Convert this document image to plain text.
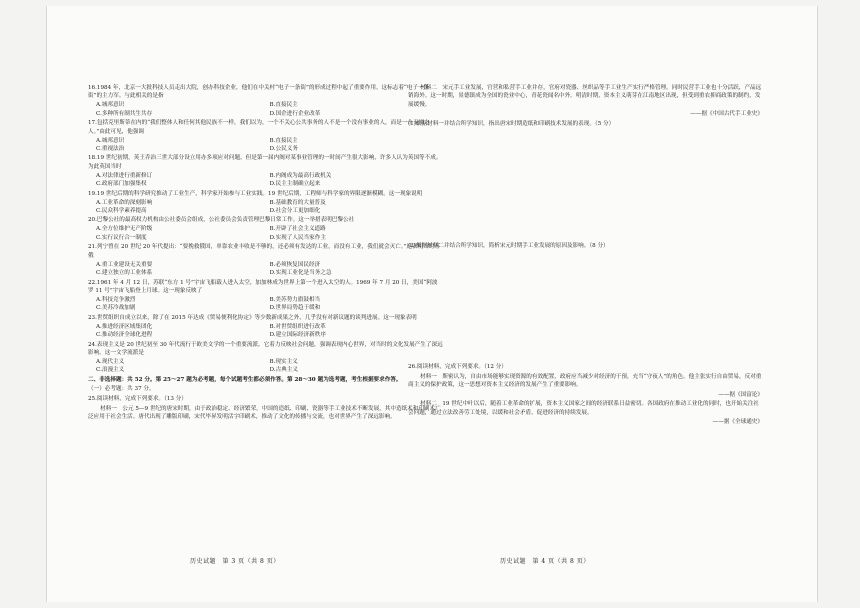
16.1984 年，北京一大批科技人员走出大院，创办科技企业，他们在中关村“电子一条街”的形成过程中起了重要作用。这标志着“电子一条街”的主力军。与此相关的是指

A.城邦意识	B.直接民主
C.多种所有制共生共存	D.国企进行企业改革

17.包括克里斯蒂在内的“我们整体人和任何其他民族不一样，我们以为，一个不关心公共事务的人不是一个没有事业的人，而是一个无用之人。”由此可见，他强调

A.城邦意识	B.直接民主
C.重视法治	D.公民义务

18.19 世纪初期，英王乔治三世大部分设立用办多项应对问题。但是第一届内阁对某事业管理的一时间产生很大影响，许多人认为英国等不成。为此英国当时

A.对法律进行重新修订	B.内阁成为最高行政机关
C.政府部门加强集权	D.民主主制确立起来

19.19 世纪后期的科学研究推动了工业生产，科学家开始参与工业实践。19 世纪后期，工程师与科学家的界限逐渐模糊。这一现象说明

A.工业革命的深刻影响	B.基础教育的大量普及
C.民众科学素养提高	D.社会分工更加细化

20.巴黎公社的最高权力机构由公社委员会组成，公社委员会负责管理巴黎日常工作。这一举措表明巴黎公社

A.全方位维护无产阶级	B.开辟了社会主义道路
C.实行议行合一制度	D.实现了人民当家作主

21.列宁曾在 20 世纪 20 年代提出：“要挽救俄国，单靠农业丰收是不够的，还必须有发达的工业，而没有工业，我们就会灭亡。”这表明当时苏俄

A.重工业建设无关重要	B.必须恢复国民经济
C.建立独立的工业体系	D.实现工业化是当务之急

22.1961 年 4 月 12 日，苏联“东方 1 号”宇宙飞船载人进入太空，加加林成为世界上第一个进入太空的人。1969 年 7 月 20 日，美国“阿波罗 11 号”宇宙飞船登上月球。这一现象反映了

A.科技竞争激烈	B.美苏势力旗鼓相当
C.美苏冷战加剧	D.世界局势趋于缓和

23.世贸组织自成立以来，除了在 2015 年达成《贸易便利化协定》等少数新成果之外，几乎没有对新议题的谈判进展。这一现象表明

A.推进经济区域集团化	B.对世贸组织进行改革
C.推动经济全球化进程	D.建立国际经济新秩序

24.表现主义是 20 世纪初至 30 年代流行于欧美文学的一个重要流派。它着力反映社会问题，强调表现内心世界，对当时的文化发展产生了深远影响。这一文学流派是

A.现代主义	B.现实主义
C.浪漫主义	D.古典主义

二、非选择题：共 52 分。第 25～27 题为必考题，每个试题考生都必须作答。第 28～30 题为选考题，考生根据要求作答。

（一）必考题：共 37 分。

25.阅读材料，完成下列要求。（13 分）

材料一　公元 5—9 世纪的唐宋时期，由于政治稳定、经济繁荣，中国的造纸、印刷、瓷器等手工业技术不断发展，其中造纸术和印刷术广泛应用于社会生活。唐代出现了雕版印刷，宋代毕昇发明活字印刷术，推动了文化的传播与交流，也对世界产生了深远影响。

材料二　宋元手工业发展，官营和私营手工业并存，官府对瓷器、丝织品等手工业生产实行严格管理。同时民营手工业也十分活跃，产品远销海外。这一时期，景德镇成为全国的瓷业中心，青花瓷闻名中外。明清时期，资本主义萌芽在江南地区出现，但受到重农抑商政策的制约，发展缓慢。

——据《中国古代手工业史》

(1)根据材料一并结合所学知识，指出唐宋时期造纸和印刷技术发展的表现。（5 分）

(2)根据材料二并结合所学知识，简析宋元时期手工业发展的原因及影响。（8 分）

26.阅读材料，完成下列要求。（12 分）

材料一　斯密认为，自由市场能够实现资源的有效配置，政府应当减少对经济的干预，充当“守夜人”的角色。他主张实行自由贸易，反对重商主义的保护政策，这一思想对资本主义经济的发展产生了重要影响。

——据《国富论》

材料二　19 世纪中叶以后，随着工业革命的扩展，资本主义国家之间的经济联系日益密切。各国政府在推动工业化的同时，也开始关注社会问题，通过立法改善劳工处境，以缓和社会矛盾，促进经济的持续发展。

——据《全球通史》

历史试题　第 3 页（共 8 页）	历史试题　第 4 页（共 8 页）
